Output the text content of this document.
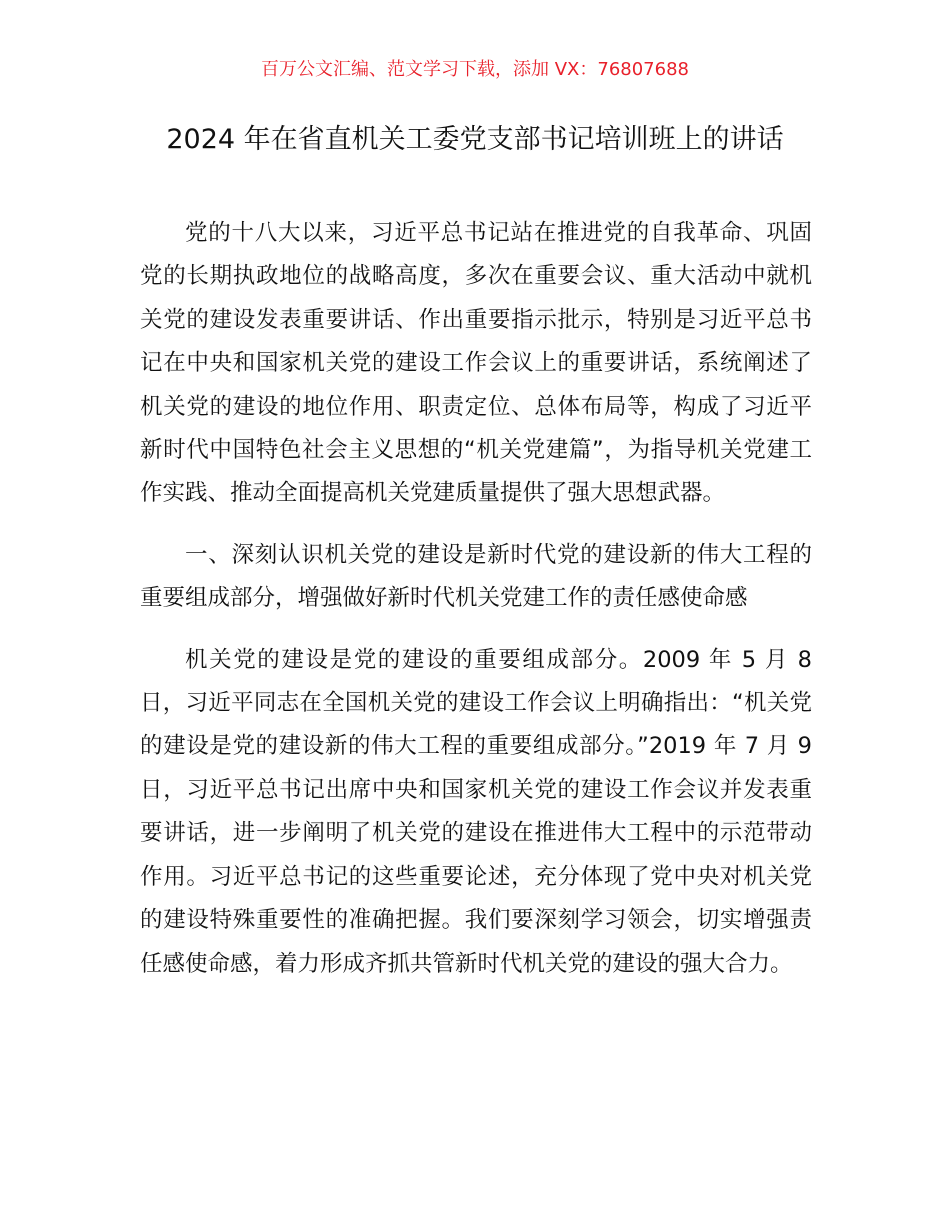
百万公文汇编、范文学习下载，添加 VX：76807688
2024 年在省直机关工委党支部书记培训班上的讲话

党的十八大以来，习近平总书记站在推进党的自我革命、巩固党的长期执政地位的战略高度，多次在重要会议、重大活动中就机关党的建设发表重要讲话、作出重要指示批示，特别是习近平总书记在中央和国家机关党的建设工作会议上的重要讲话，系统阐述了机关党的建设的地位作用、职责定位、总体布局等，构成了习近平新时代中国特色社会主义思想的“机关党建篇”，为指导机关党建工作实践、推动全面提高机关党建质量提供了强大思想武器。

一、深刻认识机关党的建设是新时代党的建设新的伟大工程的重要组成部分，增强做好新时代机关党建工作的责任感使命感

机关党的建设是党的建设的重要组成部分。2009 年 5 月 8 日，习近平同志在全国机关党的建设工作会议上明确指出：“机关党的建设是党的建设新的伟大工程的重要组成部分。”2019 年 7 月 9 日，习近平总书记出席中央和国家机关党的建设工作会议并发表重要讲话，进一步阐明了机关党的建设在推进伟大工程中的示范带动作用。习近平总书记的这些重要论述，充分体现了党中央对机关党的建设特殊重要性的准确把握。我们要深刻学习领会，切实增强责任感使命感，着力形成齐抓共管新时代机关党的建设的强大合力。
